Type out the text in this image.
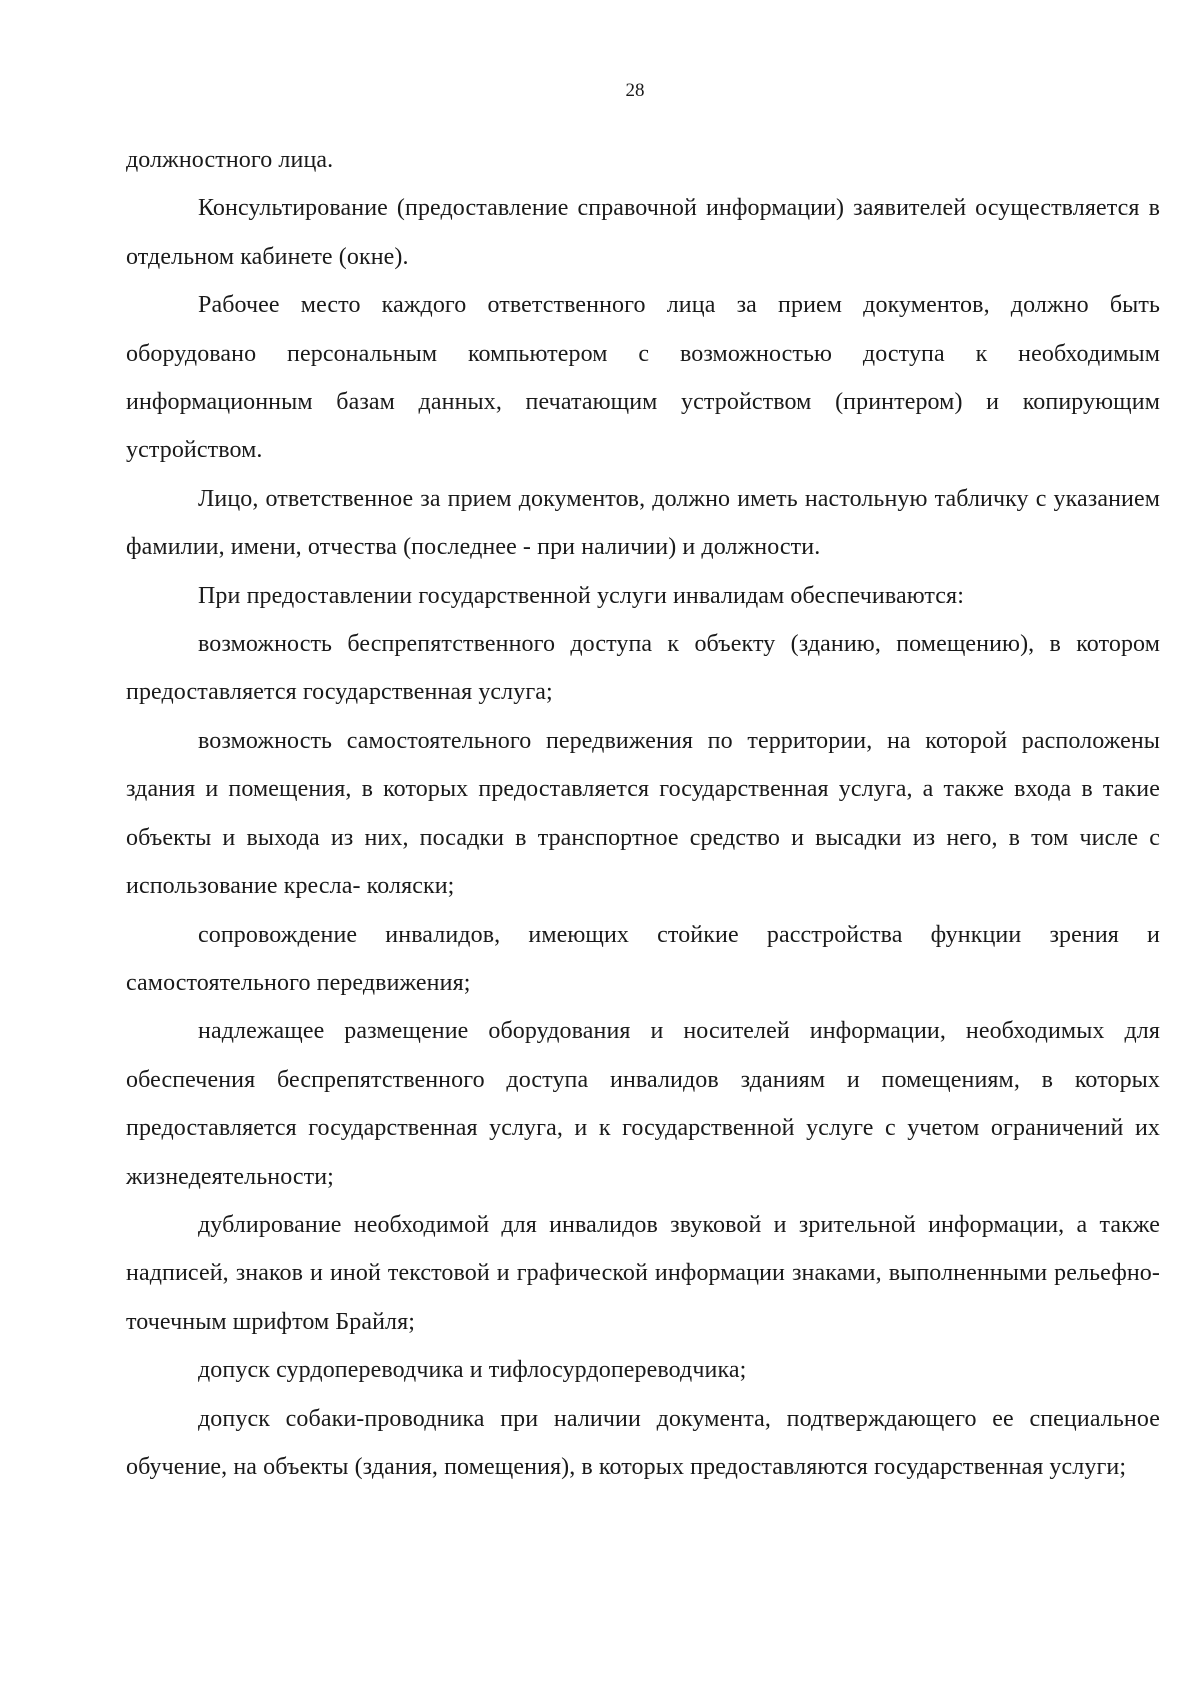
28

должностного лица.

Консультирование (предоставление справочной информации) заявителей осуществляется в отдельном кабинете (окне).

Рабочее место каждого ответственного лица за прием документов, должно быть оборудовано персональным компьютером с возможностью доступа к необходимым информационным базам данных, печатающим устройством (принтером) и копирующим устройством.

Лицо, ответственное за прием документов, должно иметь настольную табличку с указанием фамилии, имени, отчества (последнее - при наличии) и должности.

При предоставлении государственной услуги инвалидам обеспечиваются:

возможность беспрепятственного доступа к объекту (зданию, помещению), в котором предоставляется государственная услуга;

возможность самостоятельного передвижения по территории, на которой расположены здания и помещения, в которых предоставляется государственная услуга, а также входа в такие объекты и выхода из них, посадки в транспортное средство и высадки из него, в том числе с использование кресла- коляски;

сопровождение инвалидов, имеющих стойкие расстройства функции зрения и самостоятельного передвижения;

надлежащее размещение оборудования и носителей информации, необходимых для обеспечения беспрепятственного доступа инвалидов зданиям и помещениям, в которых предоставляется государственная услуга, и к государственной услуге с учетом ограничений их жизнедеятельности;

дублирование необходимой для инвалидов звуковой и зрительной информации, а также надписей, знаков и иной текстовой и графической информации знаками, выполненными рельефно-точечным шрифтом Брайля;

допуск сурдопереводчика и тифлосурдопереводчика;

допуск собаки-проводника при наличии документа, подтверждающего ее специальное обучение, на объекты (здания, помещения), в которых предоставляются государственная услуги;
